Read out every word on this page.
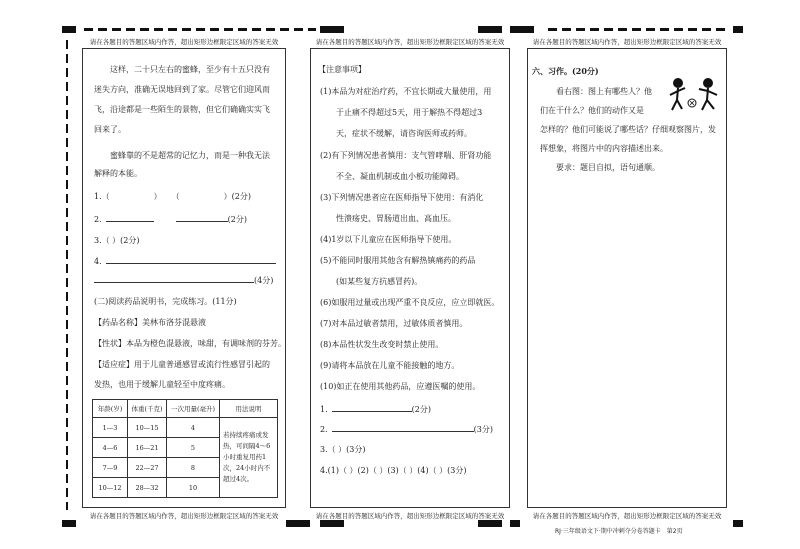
请在各题目的答题区域内作答，超出矩形边框限定区域的答案无效	请在各题目的答题区域内作答，超出矩形边框限定区域的答案无效	请在各题目的答题区域内作答，超出矩形边框限定区域的答案无效
请在各题目的答题区域内作答，超出矩形边框限定区域的答案无效	请在各题目的答题区域内作答，超出矩形边框限定区域的答案无效	请在各题目的答题区域内作答，超出矩形边框限定区域的答案无效
这样，二十只左右的蜜蜂，至少有十五只没有
迷失方向，准确无误地回到了家。尽管它们迎风而
飞，沿途都是一些陌生的景物，但它们确确实实飞
回来了。
蜜蜂靠的不是超常的记忆力，而是一种我无法
解释的本能。
1.（	） （	）(2分)
2.	(2分)
3.（ ）(2分)
4.
(4分)
(二)阅读药品说明书，完成练习。(11分)
【药品名称】美林布洛芬混悬液
【性状】本品为橙色混悬液，味甜，有调味剂的芬芳。
【适应症】用于儿童普通感冒或流行性感冒引起的
发热，也用于缓解儿童轻至中度疼痛。
年龄(岁)	体重(千克)	一次用量(毫升)	用法说明
1—3	10—15	4	若持续疼痛或发
热，可间隔4～6
小时重复用药1
次，24小时内不
超过4次。

4—6	16—21	5	
7—9	22—27	8	
10—12	28—32	10	
【注意事项】
(1)本品为对症治疗药，不宜长期或大量使用，用
于止痛不得超过5天，用于解热不得超过3
天，症状不缓解，请咨询医师或药师。
(2)有下列情况患者慎用：支气管哮喘、肝肾功能
不全、凝血机制或血小板功能障碍。
(3)下列情况患者应在医师指导下使用：有消化
性溃疡史、胃肠道出血、高血压。
(4)1岁以下儿童应在医师指导下使用。
(5)不能同时服用其他含有解热镇痛药的药品
(如某些复方抗感冒药)。
(6)如服用过量或出现严重不良反应，应立即就医。
(7)对本品过敏者禁用，过敏体质者慎用。
(8)本品性状发生改变时禁止使用。
(9)请将本品放在儿童不能接触的地方。
(10)如正在使用其他药品，应遵医嘱的使用。
1.	(2分)
2.	(3分)
3.（ ）(3分)
4.(1)（ ）(2)（ ）(3)（ ）(4)（ ）(3分)
六、习作。(20分)
看右图：图上有哪些人？他
们在干什么？他们的动作又是
怎样的？他们可能说了哪些话？仔细观察图片，发
挥想象，将图片中的内容描述出来。
要求：题目自拟，语句通顺。
RJ·三年级语文下·期中冲刺夺分卷答题卡　第2页
